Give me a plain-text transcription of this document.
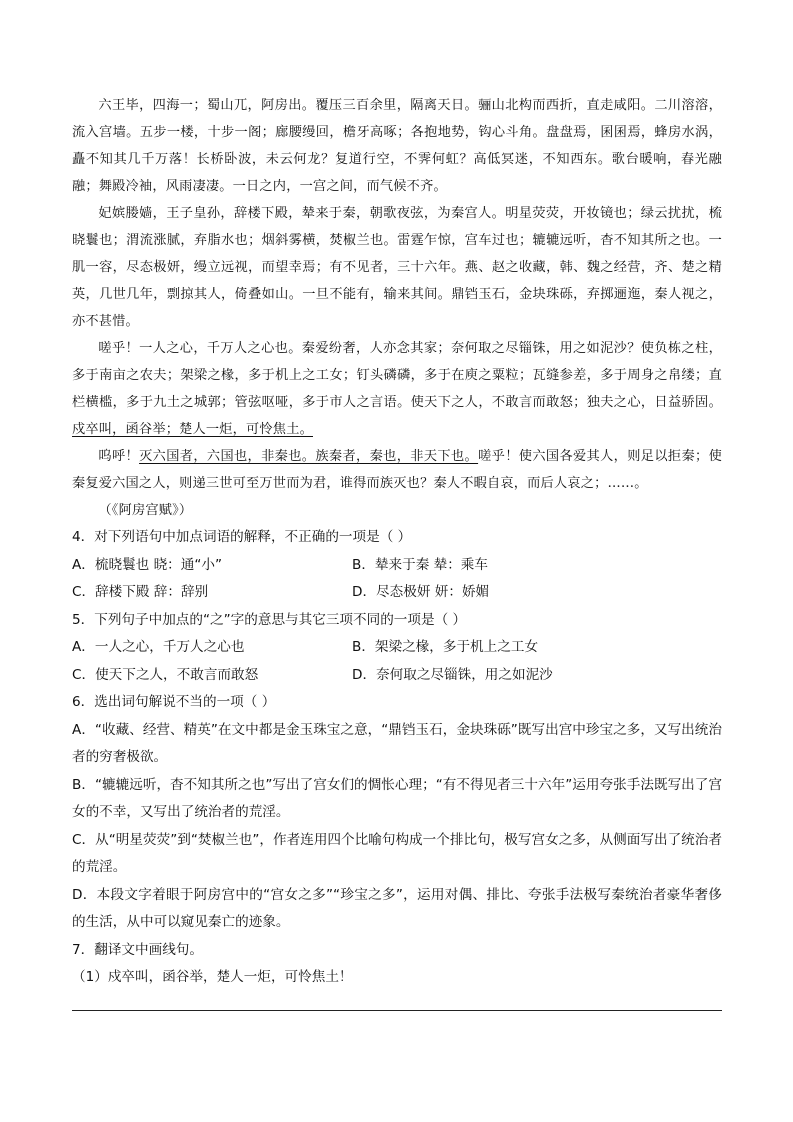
六王毕，四海一；蜀山兀，阿房出。覆压三百余里，隔离天日。骊山北构而西折，直走咸阳。二川溶溶，流入宫墙。五步一楼，十步一阁；廊腰缦回，檐牙高啄；各抱地势，钩心斗角。盘盘焉，囷囷焉，蜂房水涡，矗不知其几千万落！长桥卧波，未云何龙？复道行空，不霁何虹？高低冥迷，不知西东。歌台暖响，春光融融；舞殿冷袖，风雨凄凄。一日之内，一宫之间，而气候不齐。

妃嫔媵嫱，王子皇孙，辞楼下殿，辇来于秦，朝歌夜弦，为秦宫人。明星荧荧，开妆镜也；绿云扰扰，梳晓鬟也；渭流涨腻，弃脂水也；烟斜雾横，焚椒兰也。雷霆乍惊，宫车过也；辘辘远听，杳不知其所之也。一肌一容，尽态极妍，缦立远视，而望幸焉；有不见者，三十六年。燕、赵之收藏，韩、魏之经营，齐、楚之精英，几世几年，剽掠其人，倚叠如山。一旦不能有，输来其间。鼎铛玉石，金块珠砾，弃掷逦迤，秦人视之，亦不甚惜。

嗟乎！一人之心，千万人之心也。秦爱纷奢，人亦念其家；奈何取之尽锱铢，用之如泥沙？使负栋之柱，多于南亩之农夫；架梁之椽，多于机上之工女；钉头磷磷，多于在庾之粟粒；瓦缝参差，多于周身之帛缕；直栏横槛，多于九土之城郭；管弦呕哑，多于市人之言语。使天下之人，不敢言而敢怒；独夫之心，日益骄固。戍卒叫，函谷举；楚人一炬，可怜焦土。

呜呼！灭六国者，六国也，非秦也。族秦者，秦也，非天下也。嗟乎！使六国各爱其人，则足以拒秦；使秦复爱六国之人，则递三世可至万世而为君，谁得而族灭也？秦人不暇自哀，而后人哀之；……。

（《阿房宫赋》）

4．对下列语句中加点词语的解释，不正确的一项是（ ）

A．梳晓鬟也 晓：通“小”	B．辇来于秦 辇：乘车
C．辞楼下殿 辞：辞别	D．尽态极妍 妍：娇媚

5．下列句子中加点的“之”字的意思与其它三项不同的一项是（ ）

A．一人之心，千万人之心也	B．架梁之椽，多于机上之工女
C．使天下之人，不敢言而敢怒	D．奈何取之尽锱铢，用之如泥沙

6．选出词句解说不当的一项（ ）

A．“收藏、经营、精英”在文中都是金玉珠宝之意，“鼎铛玉石，金块珠砾”既写出宫中珍宝之多，又写出统治者的穷奢极欲。

B．“辘辘远听，杳不知其所之也”写出了宫女们的惆怅心理；“有不得见者三十六年”运用夸张手法既写出了宫女的不幸，又写出了统治者的荒淫。

C．从“明星荧荧”到“焚椒兰也”，作者连用四个比喻句构成一个排比句，极写宫女之多，从侧面写出了统治者的荒淫。

D．本段文字着眼于阿房宫中的“宫女之多”“珍宝之多”，运用对偶、排比、夸张手法极写秦统治者豪华奢侈的生活，从中可以窥见秦亡的迹象。

7．翻译文中画线句。

（1）戍卒叫，函谷举，楚人一炬，可怜焦土！
